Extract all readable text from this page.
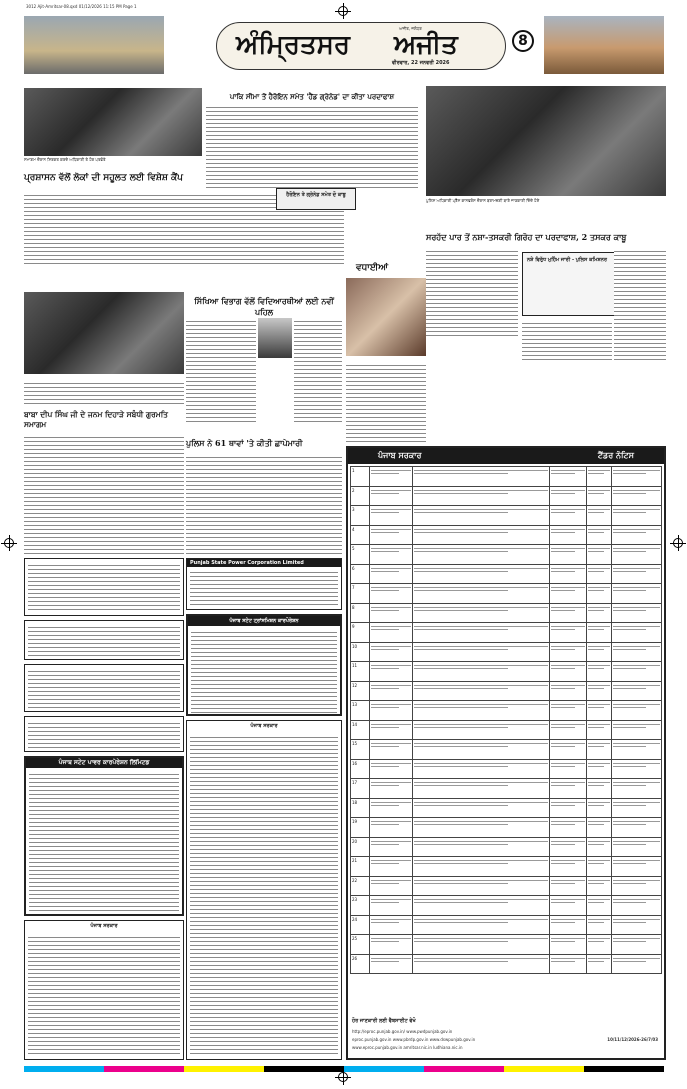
3012 Ajit-Amritsar-08.qxd 01/12/2026 11:15 PM Page 1
ਅੰਮ੍ਰਿਤਸਰ ਅਜੀਤ
ਅਜੀਤ, ਜਲੰਧਰ
ਵੀਰਵਾਰ, 22 ਜਨਵਰੀ 2026
8
ਸਮਾਗਮ ਦੌਰਾਨ ਸ਼ਿਰਕਤ ਕਰਦੇ ਅਧਿਕਾਰੀ ਤੇ ਹੋਰ ਪਤਵੰਤੇ
ਪ੍ਰਸ਼ਾਸਨ ਵੱਲੋਂ ਲੋਕਾਂ ਦੀ ਸਹੂਲਤ ਲਈ ਵਿਸ਼ੇਸ਼ ਕੈਂਪ
ਪਾਕਿ ਸੀਮਾ ਤੋਂ ਹੈਰੋਇਨ ਸਮੇਤ 'ਹੈਂਡ ਗ੍ਰੇਨੇਡ' ਦਾ ਕੀਤਾ ਪਰਦਾਫਾਸ਼
ਹੈਰੋਇਨ ਤੇ ਗ੍ਰੇਨੇਡ ਸਮੇਤ ਦੋ ਕਾਬੂ
ਪੁਲਿਸ ਅਧਿਕਾਰੀ ਪ੍ਰੈੱਸ ਕਾਨਫਰੰਸ ਦੌਰਾਨ ਬਰਾਮਦਗੀ ਬਾਰੇ ਜਾਣਕਾਰੀ ਦਿੰਦੇ ਹੋਏ
ਸਰਹੱਦ ਪਾਰ ਤੋਂ ਨਸ਼ਾ-ਤਸਕਰੀ ਗਿਰੋਹ ਦਾ ਪਰਦਾਫਾਸ਼, 2 ਤਸਕਰ ਕਾਬੂ
ਨਸ਼ੇ ਵਿਰੁੱਧ ਮੁਹਿੰਮ ਜਾਰੀ - ਪੁਲਿਸ ਕਮਿਸ਼ਨਰ
ਵਧਾਈਆਂ
ਸਿੱਖਿਆ ਵਿਭਾਗ ਵੱਲੋਂ ਵਿਦਿਆਰਥੀਆਂ ਲਈ ਨਵੀਂ ਪਹਿਲ
ਬਾਬਾ ਦੀਪ ਸਿੰਘ ਜੀ ਦੇ ਜਨਮ ਦਿਹਾੜੇ ਸਬੰਧੀ ਗੁਰਮਤਿ ਸਮਾਗਮ
ਪੁਲਿਸ ਨੇ 61 ਥਾਵਾਂ 'ਤੇ ਕੀਤੀ ਛਾਪੇਮਾਰੀ
Punjab State Power Corporation Limited
ਪੰਜਾਬ ਸਟੇਟ ਪਾਵਰ ਕਾਰਪੋਰੇਸ਼ਨ ਲਿਮਿਟਡ
ਪੰਜਾਬ ਸਰਕਾਰ
ਪੰਜਾਬ ਸਟੇਟ ਟ੍ਰਾਂਸਮਿਸ਼ਨ ਕਾਰਪੋਰੇਸ਼ਨ
ਪੰਜਾਬ ਸਰਕਾਰ
ਪੰਜਾਬ ਸਰਕਾਰ	ਟੈਂਡਰ ਨੋਟਿਸ
1	

2	

3	

4	

5	

6	

7	

8	

9	

10	

11	

12	

13	

14	

15	

16	

17	

18	

19	

20	

21	

22	

23	

24	

25	

26	

ਹੋਰ ਜਾਣਕਾਰੀ ਲਈ ਵੈਬਸਾਈਟ ਵੇਖੋ
http://eproc.punjab.gov.in/ www.pwdpunjab.gov.in
eproc.punjab.gov.in www.pbrdp.gov.in www.dswpunjab.gov.in
www.eproc.punjab.gov.in amritsar.nic.in ludhiana.nic.in
10/11/12/2026-26/7/03
